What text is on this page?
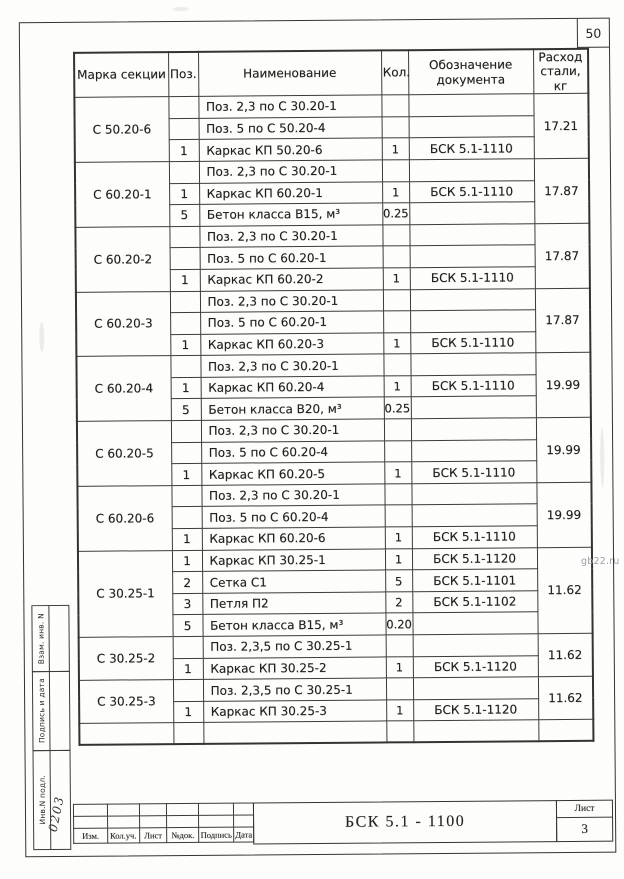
50
Марка секции	Поз.	Наименование	Кол.	Обозначение документа	Расход стали, кг
С 50.20-6		Поз. 2,3 по С 30.20-1			17.21
		Поз. 5 по С 50.20-4			
	1	Каркас КП 50.20-6	1	БСК 5.1-1110	
С 60.20-1		Поз. 2,3 по С 30.20-1			17.87
	1	Каркас КП 60.20-1	1	БСК 5.1-1110	
	5	Бетон класса В15, м³	0.25		
С 60.20-2		Поз. 2,3 по С 30.20-1			17.87
		Поз. 5 по С 60.20-1			
	1	Каркас КП 60.20-2	1	БСК 5.1-1110	
С 60.20-3		Поз. 2,3 по С 30.20-1			17.87
		Поз. 5 по С 60.20-1			
	1	Каркас КП 60.20-3	1	БСК 5.1-1110	
С 60.20-4		Поз. 2,3 по С 30.20-1			19.99
	1	Каркас КП 60.20-4	1	БСК 5.1-1110	
	5	Бетон класса В20, м³	0.25		
С 60.20-5		Поз. 2,3 по С 30.20-1			19.99
		Поз. 5 по С 60.20-4			
	1	Каркас КП 60.20-5	1	БСК 5.1-1110	
С 60.20-6		Поз. 2,3 по С 30.20-1			19.99
		Поз. 5 по С 60.20-4			
	1	Каркас КП 60.20-6	1	БСК 5.1-1110	
С 30.25-1	1	Каркас КП 30.25-1	1	БСК 5.1-1120	11.62
	2	Сетка С1	5	БСК 5.1-1101	
	3	Петля П2	2	БСК 5.1-1102	
	5	Бетон класса В15, м³	0.20		
С 30.25-2		Поз. 2,3,5 по С 30.25-1			11.62
	1	Каркас КП 30.25-2	1	БСК 5.1-1120	
С 30.25-3		Поз. 2,3,5 по С 30.25-1			11.62
	1	Каркас КП 30.25-3	1	БСК 5.1-1120	

Взам. инв. N
Подпись и дата
Инв.N подл. 0203

Изм.	Кол.уч.	Лист	№док.	Подпись	Дата
БСК 5.1 - 1100
Лист
3
gb22.ru
